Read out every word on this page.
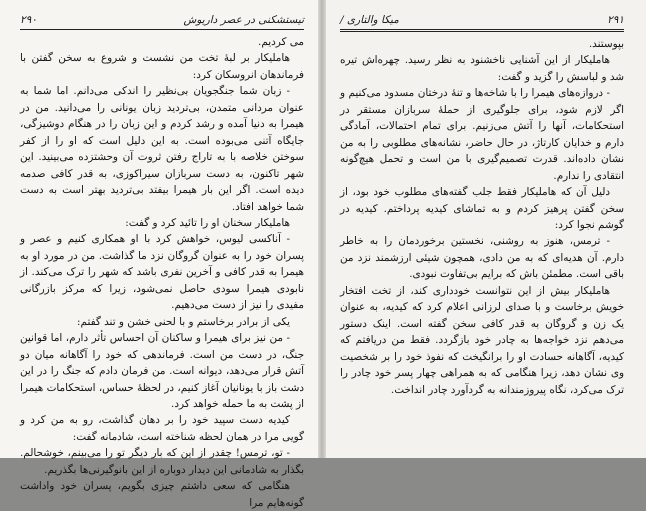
تیستشکنی در عصر داریوش
۲۹۰

می کردیم.

هاملیکار بر لبهٔ تخت من نشست و شروع به سخن گفتن با فرماندهان انروسکان کرد:

- زبان شما جنگجویان بی‌نظیر را اندکی می‌دانم. اما شما به عنوان مردانی متمدن، بی‌تردید زبان یونانی را می‌دانید. من در هیمرا به دنیا آمده و رشد کردم و این زبان را در هنگام دوشیزگی، جایگاه آتنی می‌بوده است. به این دلیل است که او را از کفر سوختن خلاصه با به تاراج رفتن ثروت آن وحشتزده می‌بینید. این شهر تاکنون، به دست سربازان سیراکوزی، به قدر کافی صدمه دیده است. اگر این بار هیمرا بیفتد بی‌تردید بهتر است به دست شما خواهد افتاد.

هاملیکار سخنان او را تائید کرد و گفت:

- آناکسی لیوس، خواهش کرد با او همکاری کنیم و عصر و پسران خود را به عنوان گروگان نزد ما گذاشت. من در مورد او به هیمرا به قدر کافی و آخرین نفری باشد که شهر را ترک می‌کند. از نابودی هیمرا سودی حاصل نمی‌شود، زیرا که مرکز بازرگانی مفیدی را نیز از دست می‌دهیم.

یکی از برادر برخاستم و با لحنی خشن و تند گفتم:

- من نیز برای هیمرا و ساکنان آن احساس تأثر دارم، اما قوانین جنگ، در دست من است. فرماندهی که خود را آگاهانه میان دو آتش قرار می‌دهد، دیوانه است. من فرمان دادم که جنگ را در این دشت باز با یونانیان آغاز کنیم، در لحظهٔ حساس، استحکامات هیمرا از پشت به ما حمله خواهد کرد.

کیدیه دست سپید خود را بر دهان گذاشت، رو به من کرد و گویی مرا در همان لحظه شناخته است، شادمانه گفت:

- تو، ترمس! چقدر از این که بار دیگر تو را می‌بینم، خوشحالم. بگذار به شادمانی این دیدار دوباره از این بانوگیرنی‌ها بگذریم.

هنگامی که سعی داشتم چیزی بگویم، پسران خود واداشت گونه‌هایم مرا

۲۹۱
میکا والتاری /

بپوستند.

هاملیکار از این آشنایی ناخشنود به نظر رسید. چهره‌اش تیره شد و لباسش را گزید و گفت:

- دروازه‌های هیمرا را با شاخه‌ها و تنهٔ درختان مسدود می‌کنیم و اگر لازم شود، برای جلوگیری از حملهٔ سربازان مستقر در استحکامات، آنها را آتش می‌زنیم. برای تمام احتمالات، آمادگی دارم و خدایان کارتاژ، در حال حاضر، نشانه‌های مطلوبی را به من نشان داده‌اند. قدرت تصمیم‌گیری با من است و تحمل هیچ‌گونه انتقادی را ندارم.

دلیل آن که هاملیکار فقط جلب گفته‌های مطلوب خود بود، از سخن گفتن پرهیز کردم و به تماشای کیدیه پرداختم. کیدیه در گوشم نجوا کرد:

- ترمس، هنوز به روشنی، نخستین برخوردمان را به خاطر دارم. آن هدیه‌ای که به من دادی، همچون شیئی ارزشمند نزد من باقی است. مطمئن باش که برایم بی‌تفاوت نبودی.

هاملیکار بیش از این نتوانست خودداری کند، از تخت افتخار خویش برخاست و با صدای لرزانی اعلام کرد که کیدیه، به عنوان یک زن و گروگان به قدر کافی سخن گفته است. اینک دستور می‌دهم نزد خواجه‌ها به چادر خود بازگردد. فقط من دریافتم که کیدیه، آگاهانه حسادت او را برانگیخت که نفوذ خود را بر شخصیت وی نشان دهد، زیرا هنگامی که به همراهی چهار پسر خود چادر را ترک می‌کرد، نگاه پیروزمندانه به گردآورد چادر انداخت.
